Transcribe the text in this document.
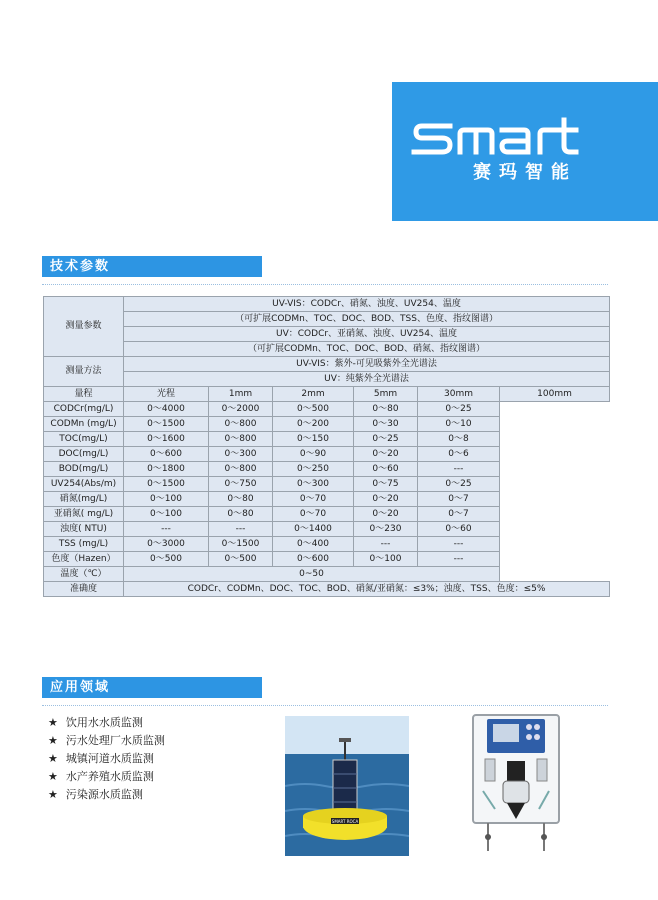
赛玛智能
技术参数
测量参数	UV-VIS：CODCr、硝氮、浊度、UV254、温度					
	（可扩展CODMn、TOC、DOC、BOD、TSS、色度、指纹图谱）					
	UV：CODCr、亚硝氮、浊度、UV254、温度					
	（可扩展CODMn、TOC、DOC、BOD、硝氮、指纹图谱）					
测量方法	UV-VIS：紫外-可见吸紫外全光谱法					
	UV：纯紫外全光谱法					
量程	光程	1mm	2mm	5mm	30mm	100mm
CODCr(mg/L)	0～4000	0～2000	0～500	0～80	0～25	
CODMn (mg/L)	0～1500	0～800	0～200	0～30	0～10	
TOC(mg/L)	0～1600	0～800	0～150	0～25	0～8	
DOC(mg/L)	0～600	0～300	0～90	0～20	0～6	
BOD(mg/L)	0～1800	0～800	0～250	0～60	---	
UV254(Abs/m)	0～1500	0～750	0～300	0～75	0～25	
硝氮(mg/L)	0～100	0～80	0～70	0～20	0～7	
亚硝氮( mg/L)	0～100	0～80	0～70	0～20	0～7	
浊度( NTU)	---	---	0～1400	0～230	0～60	
TSS (mg/L)	0～3000	0～1500	0～400	---	---	
色度（Hazen）	0～500	0～500	0～600	0～100	---	
温度（℃）	0~50					
准确度	CODCr、CODMn、DOC、TOC、BOD、硝氮/亚硝氮：≤3%；浊度、TSS、色度：≤5%					
应用领域
★ 饮用水水质监测
★ 污水处理厂水质监测
★ 城镇河道水质监测
★ 水产养殖水质监测
★ 污染源水质监测
SMART ROCA
